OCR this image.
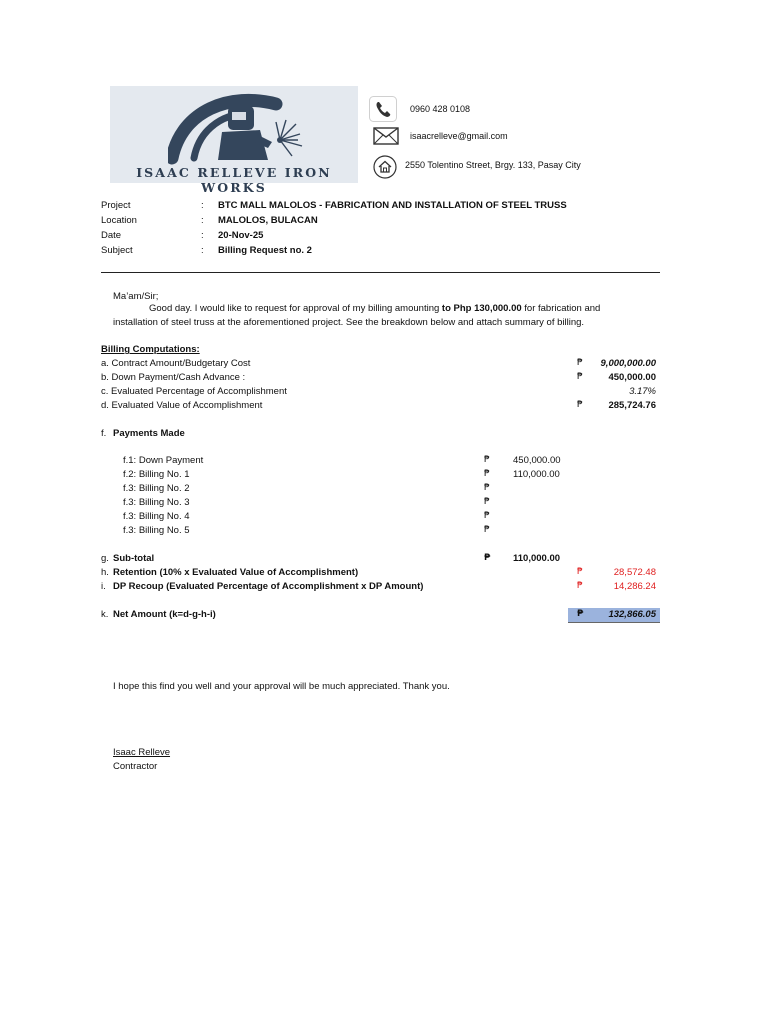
ISAAC RELLEVE IRON WORKS
0960 428 0108
isaacrelleve@gmail.com
2550 Tolentino Street, Brgy. 133, Pasay City
Project	: BTC MALL MALOLOS - FABRICATION AND INSTALLATION OF STEEL TRUSS
Location	: MALOLOS, BULACAN
Date	: 20-Nov-25
Subject	: Billing Request no. 2
Ma’am/Sir;
Good day. I would like to request for approval of my billing amounting to Php 130,000.00 for fabrication and
installation of steel truss at the aforementioned project. See the breakdown below and attach summary of billing.
Billing Computations:
a. Contract Amount/Budgetary Cost	₱	9,000,000.00
b. Down Payment/Cash Advance :	₱	450,000.00
c. Evaluated Percentage of Accomplishment	3.17%
d. Evaluated Value of Accomplishment	₱	285,724.76
f. Payments Made
f.1: Down Payment	₱ 450,000.00
f.2: Billing No. 1	₱ 110,000.00
f.3: Billing No. 2	₱
f.3: Billing No. 3	₱
f.3: Billing No. 4	₱
f.3: Billing No. 5	₱
g. Sub-total	₱ 110,000.00
h. Retention (10% x Evaluated Value of Accomplishment)	₱	28,572.48
i. DP Recoup (Evaluated Percentage of Accomplishment x DP Amount)	₱	14,286.24
k. Net Amount (k=d-g-h-i)	₱	132,866.05
I hope this find you well and your approval will be much appreciated. Thank you.
Isaac Relleve
Contractor
